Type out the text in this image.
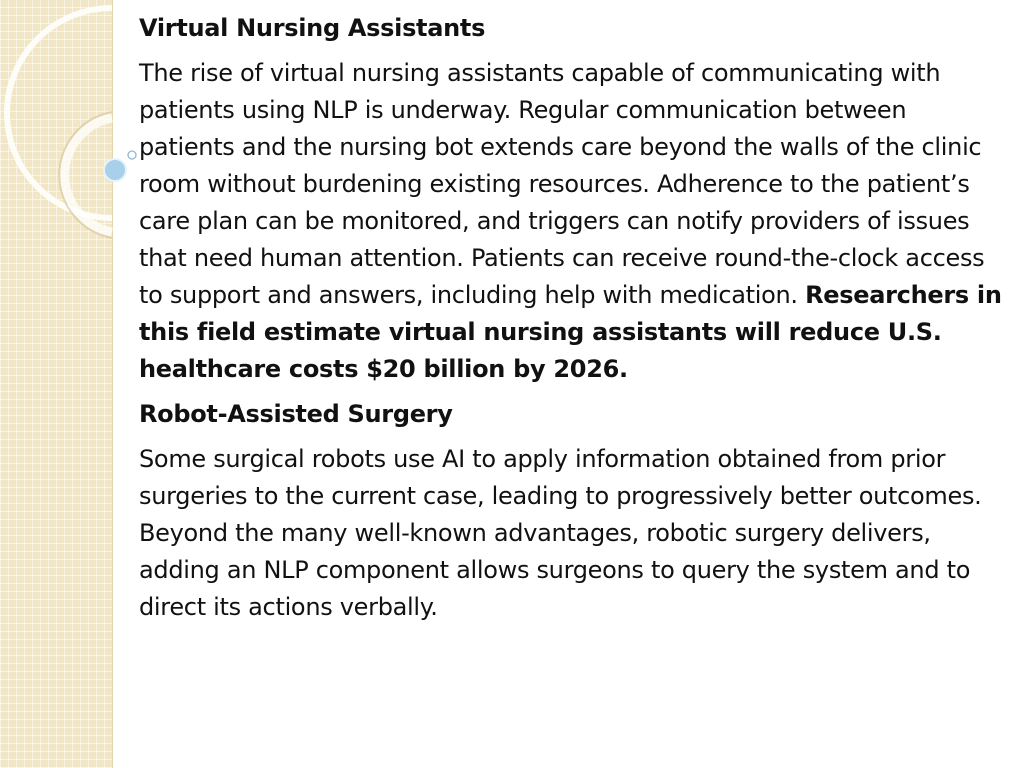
Virtual Nursing Assistants

The rise of virtual nursing assistants capable of communicating with patients using NLP is underway. Regular communication between patients and the nursing bot extends care beyond the walls of the clinic room without burdening existing resources. Adherence to the patient’s care plan can be monitored, and triggers can notify providers of issues that need human attention. Patients can receive round-the-clock access to support and answers, including help with medication. Researchers in this field estimate virtual nursing assistants will reduce U.S. healthcare costs $20 billion by 2026.

Robot-Assisted Surgery

Some surgical robots use AI to apply information obtained from prior surgeries to the current case, leading to progressively better outcomes. Beyond the many well-known advantages, robotic surgery delivers, adding an NLP component allows surgeons to query the system and to direct its actions verbally.
